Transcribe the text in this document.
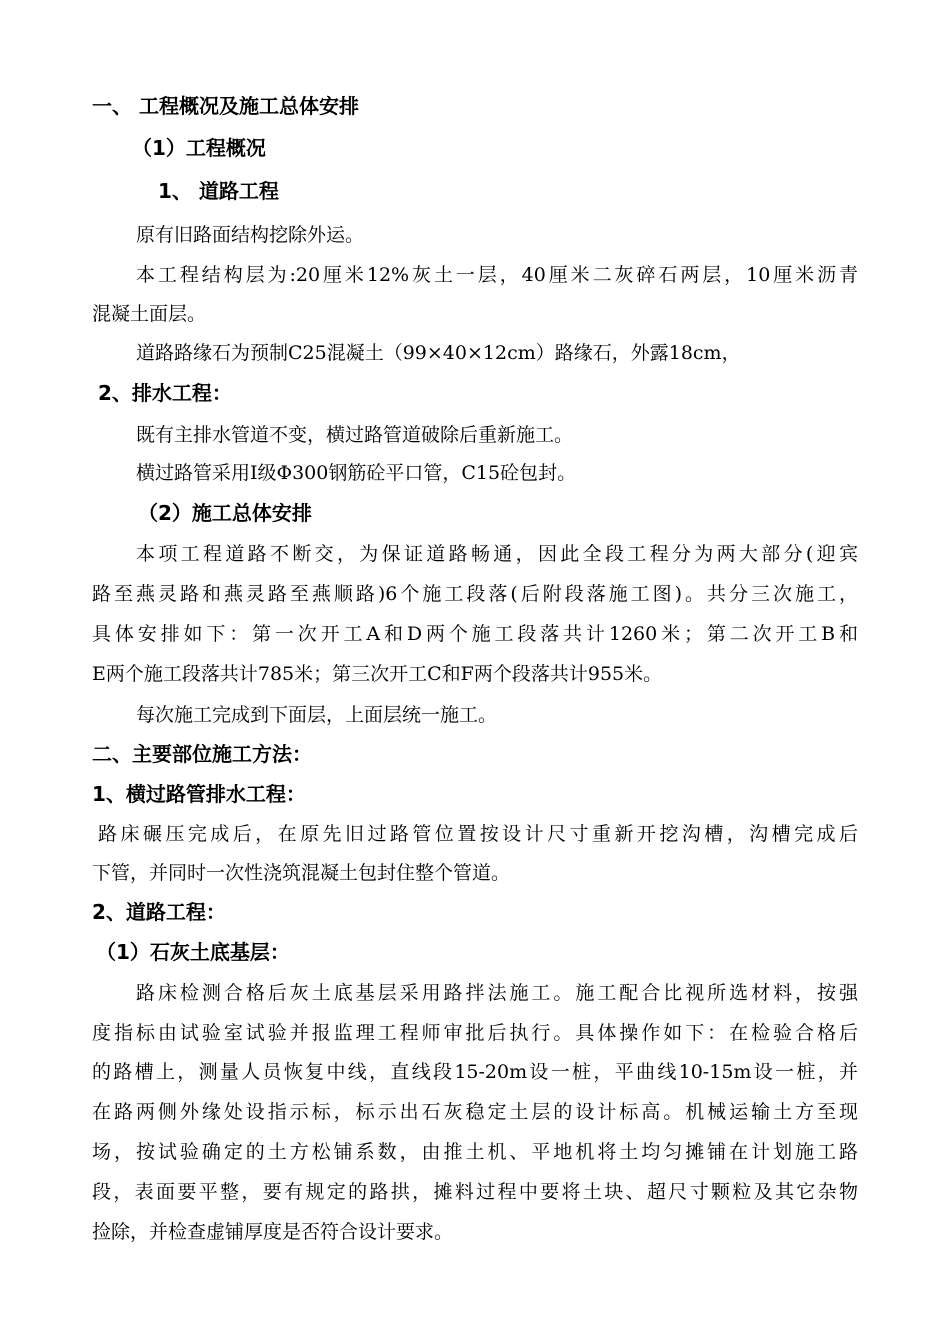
一、 工程概况及施工总体安排
（1）工程概况
1、 道路工程
原有旧路面结构挖除外运。
本工程结构层为:20厘米12%灰土一层，40厘米二灰碎石两层，10厘米沥青
混凝土面层。
道路路缘石为预制C25混凝土（99×40×12cm）路缘石，外露18cm，
2、排水工程：
既有主排水管道不变，横过路管道破除后重新施工。
横过路管采用Ⅰ级Φ300钢筋砼平口管，C15砼包封。
（2）施工总体安排
本项工程道路不断交，为保证道路畅通，因此全段工程分为两大部分(迎宾
路至燕灵路和燕灵路至燕顺路)6个施工段落(后附段落施工图)。共分三次施工，
具体安排如下：第一次开工A和D两个施工段落共计1260米；第二次开工B和
E两个施工段落共计785米；第三次开工C和F两个段落共计955米。
每次施工完成到下面层，上面层统一施工。
二、主要部位施工方法：
1、横过路管排水工程：
路床碾压完成后，在原先旧过路管位置按设计尺寸重新开挖沟槽，沟槽完成后
下管，并同时一次性浇筑混凝土包封住整个管道。
2、道路工程：
（1）石灰土底基层：
路床检测合格后灰土底基层采用路拌法施工。施工配合比视所选材料，按强
度指标由试验室试验并报监理工程师审批后执行。具体操作如下：在检验合格后
的路槽上，测量人员恢复中线，直线段15-20m设一桩，平曲线10-15m设一桩，并
在路两侧外缘处设指示标，标示出石灰稳定土层的设计标高。机械运输土方至现
场，按试验确定的土方松铺系数，由推土机、平地机将土均匀摊铺在计划施工路
段，表面要平整，要有规定的路拱，摊料过程中要将土块、超尺寸颗粒及其它杂物
捡除，并检查虚铺厚度是否符合设计要求。
